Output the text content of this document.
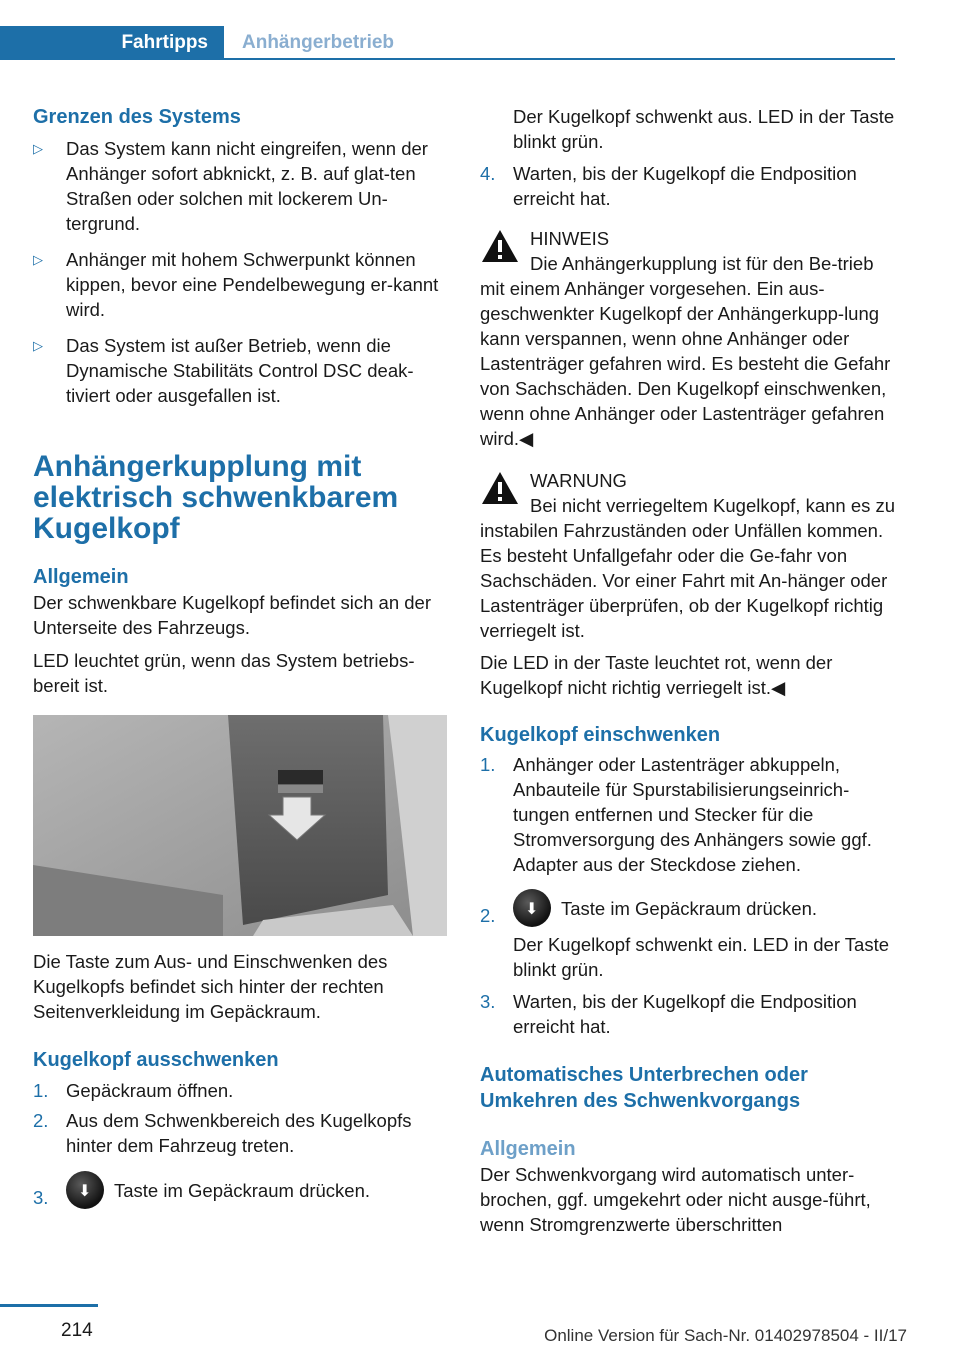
Fahrtipps Anhängerbetrieb
Grenzen des Systems
▷ Das System kann nicht eingreifen, wenn der Anhänger sofort abknickt, z. B. auf glat-ten Straßen oder solchen mit lockerem Un-tergrund.

▷ Anhänger mit hohem Schwerpunkt können kippen, bevor eine Pendelbewegung er-kannt wird.

▷ Das System ist außer Betrieb, wenn die Dynamische Stabilitäts Control DSC deak-tiviert oder ausgefallen ist.

Anhängerkupplung mit elektrisch schwenkbarem Kugelkopf
Allgemein

Der schwenkbare Kugelkopf befindet sich an der Unterseite des Fahrzeugs.

LED leuchtet grün, wenn das System betriebs-bereit ist.

Die Taste zum Aus- und Einschwenken des Kugelkopfs befindet sich hinter der rechten Seitenverkleidung im Gepäckraum.

Kugelkopf ausschwenken
1. Gepäckraum öffnen.

2. Aus dem Schwenkbereich des Kugelkopfs hinter dem Fahrzeug treten.

3. ⬇	Taste im Gepäckraum drücken.

Der Kugelkopf schwenkt aus. LED in der Taste blinkt grün.

4. Warten, bis der Kugelkopf die Endposition erreicht hat.

HINWEIS

Die Anhängerkupplung ist für den Be-trieb mit einem Anhänger vorgesehen. Ein aus-geschwenkter Kugelkopf der Anhängerkupp-lung kann verspannen, wenn ohne Anhänger oder Lastenträger gefahren wird. Es besteht die Gefahr von Sachschäden. Den Kugelkopf einschwenken, wenn ohne Anhänger oder Lastenträger gefahren wird.◀

WARNUNG

Bei nicht verriegeltem Kugelkopf, kann es zu instabilen Fahrzuständen oder Unfällen kommen. Es besteht Unfallgefahr oder die Ge-fahr von Sachschäden. Vor einer Fahrt mit An-hänger oder Lastenträger überprüfen, ob der Kugelkopf richtig verriegelt ist.

Die LED in der Taste leuchtet rot, wenn der Kugelkopf nicht richtig verriegelt ist.◀

Kugelkopf einschwenken
1. Anhänger oder Lastenträger abkuppeln, Anbauteile für Spurstabilisierungseinrich-tungen entfernen und Stecker für die Stromversorgung des Anhängers sowie ggf. Adapter aus der Steckdose ziehen.

2. ⬇	Taste im Gepäckraum drücken.

Der Kugelkopf schwenkt ein. LED in der Taste blinkt grün.

3. Warten, bis der Kugelkopf die Endposition erreicht hat.

Automatisches Unterbrechen oder Umkehren des Schwenkvorgangs
Allgemein

Der Schwenkvorgang wird automatisch unter-brochen, ggf. umgekehrt oder nicht ausge-führt, wenn Stromgrenzwerte überschritten

214	Online Version für Sach-Nr. 01402978504 - II/17
